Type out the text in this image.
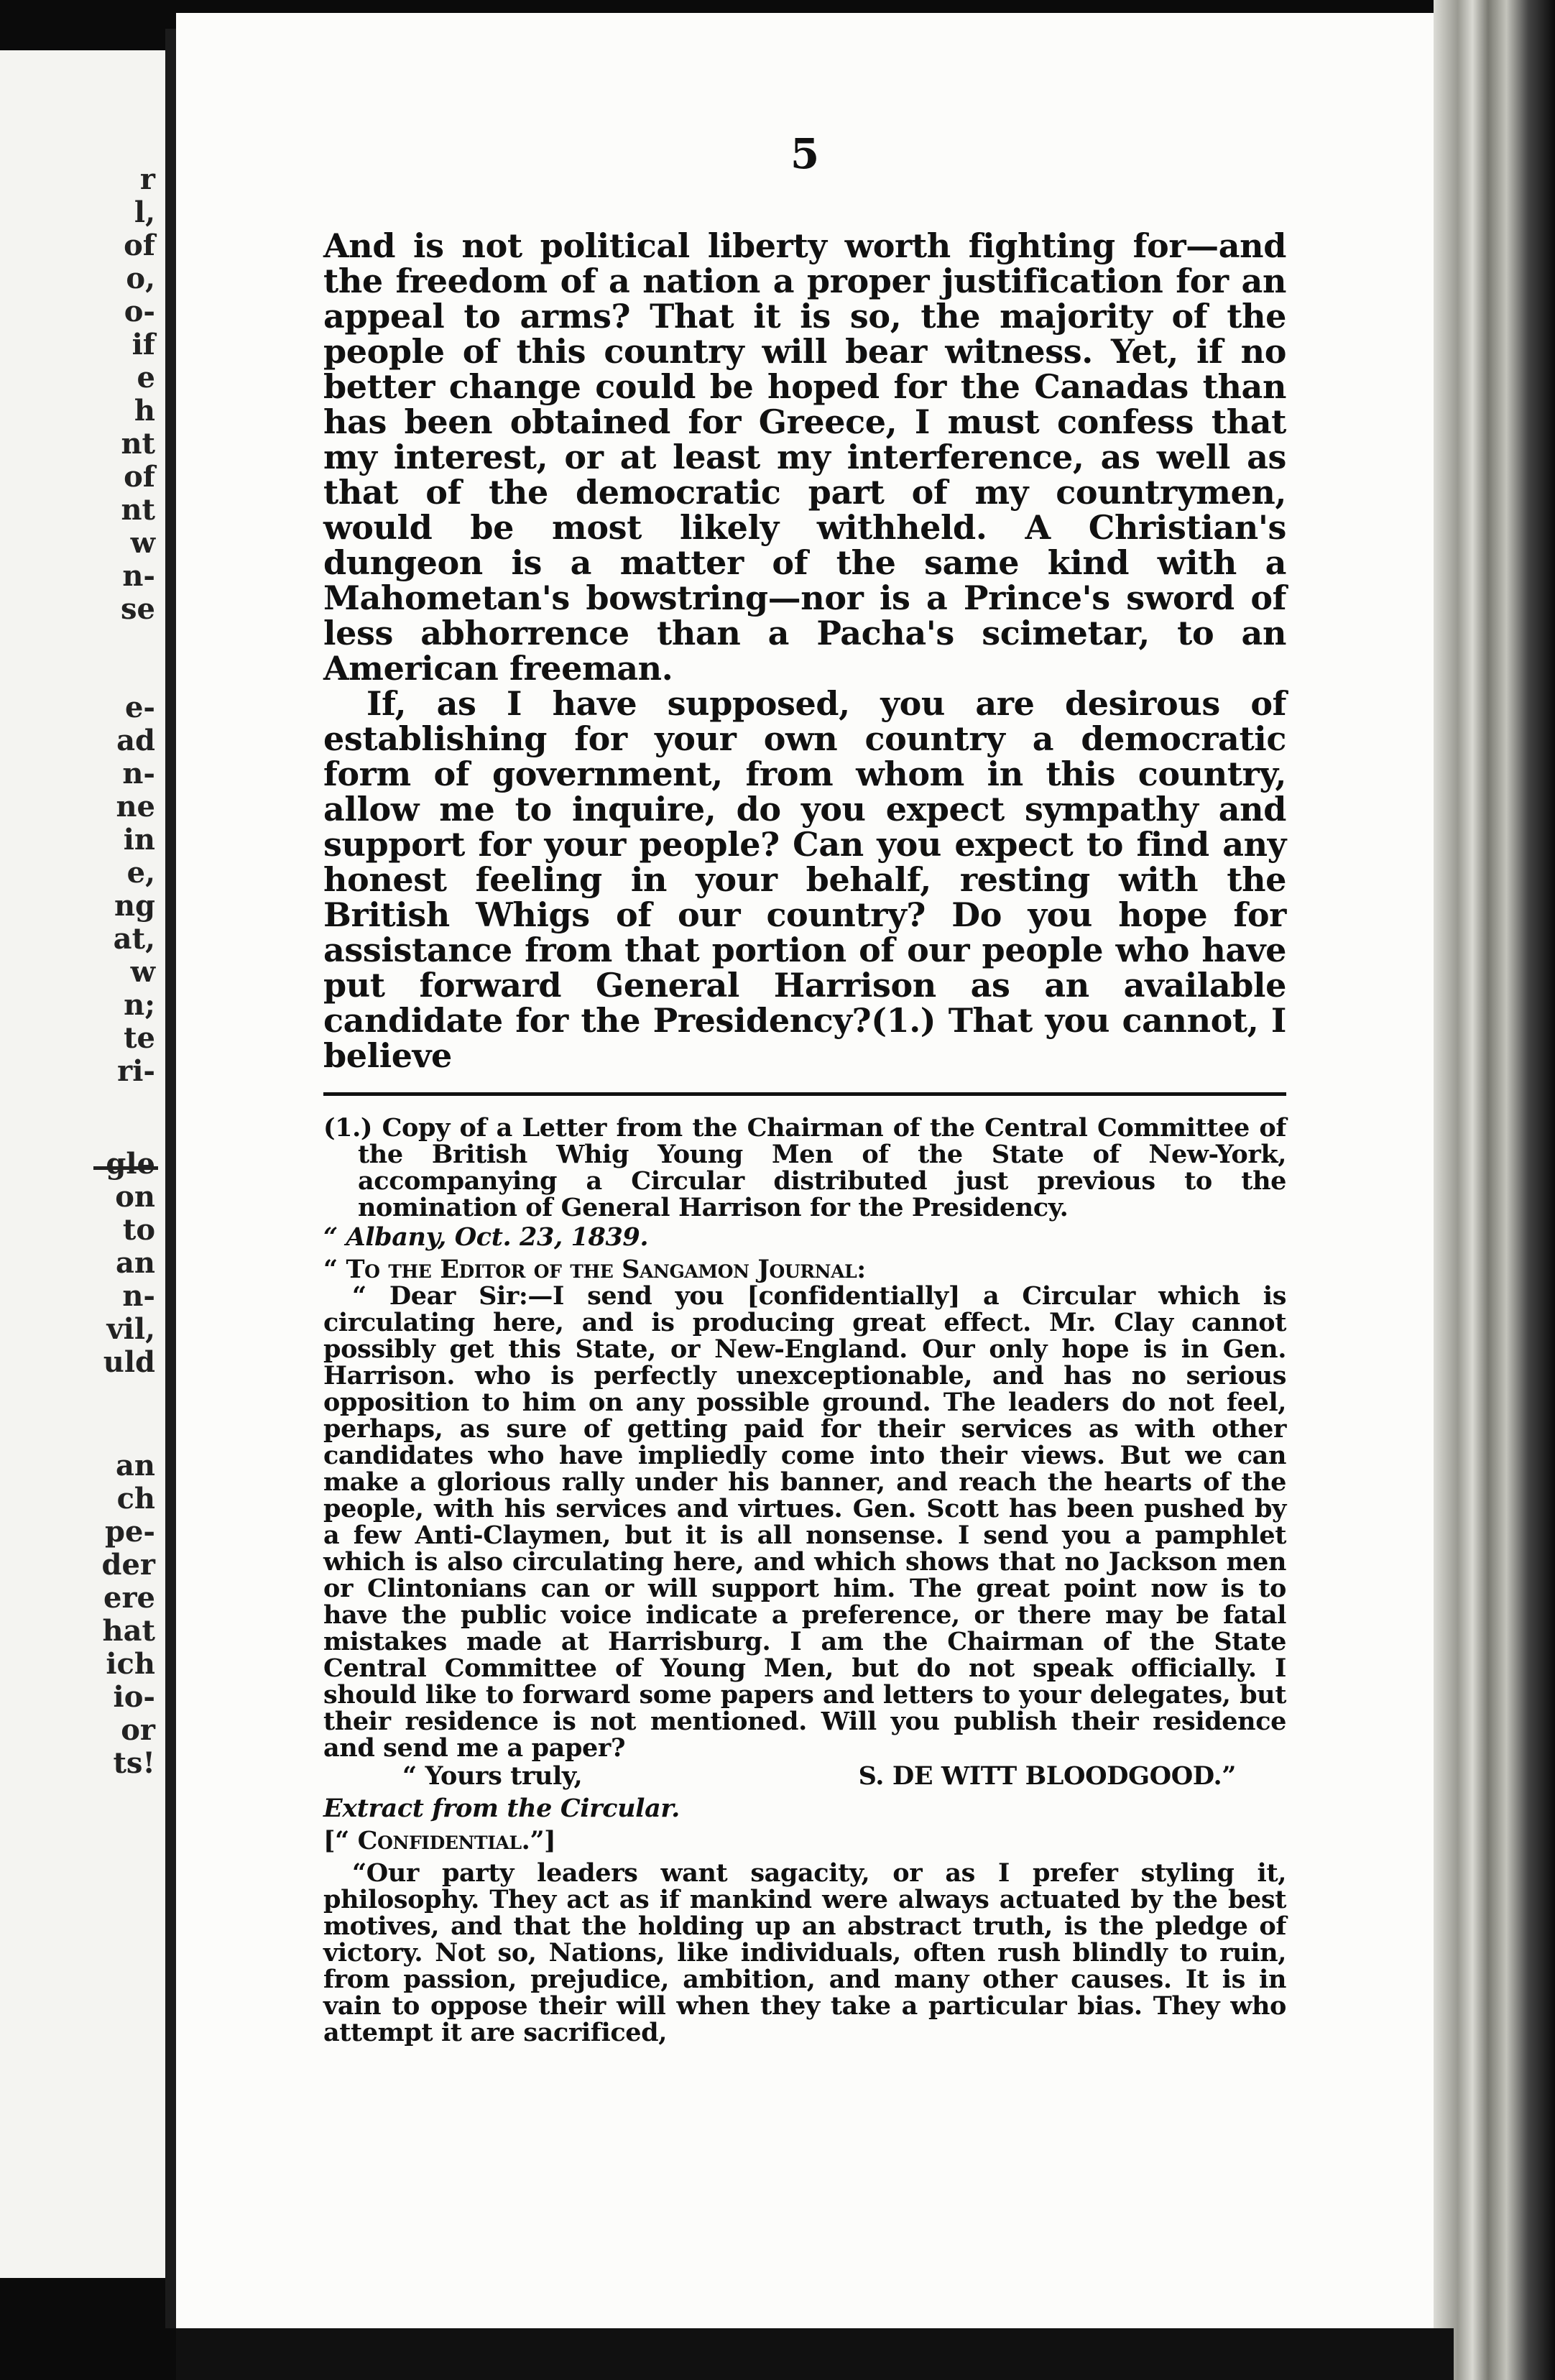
r
l,
of
o,
o-
if
e
h
nt
of
nt
w
n-
se
e-
ad
n-
ne
in
e,
ng
at,
w
n;
te
ri-
gle
on
to
an
n-
vil,
uld
an
ch
pe-
der
ere
hat
ich
io-
or
ts!
5

And is not political liberty worth fighting for—and the freedom of a nation a proper justification for an appeal to arms? That it is so, the majority of the people of this country will bear witness. Yet, if no better change could be hoped for the Canadas than has been obtained for Greece, I must confess that my interest, or at least my interference, as well as that of the democratic part of my countrymen, would be most likely withheld. A Christian's dungeon is a matter of the same kind with a Mahometan's bowstring—nor is a Prince's sword of less abhorrence than a Pacha's scimetar, to an American freeman.

If, as I have supposed, you are desirous of establishing for your own country a democratic form of government, from whom in this country, allow me to inquire, do you expect sympathy and support for your people? Can you expect to find any honest feeling in your behalf, resting with the British Whigs of our country? Do you hope for assistance from that portion of our people who have put forward General Harrison as an available candidate for the Presidency?(1.) That you cannot, I believe

(1.) Copy of a Letter from the Chairman of the Central Committee of the British Whig Young Men of the State of New-York, accompanying a Circular distributed just previous to the nomination of General Harrison for the Presidency.

“ Albany, Oct. 23, 1839.

“ To the Editor of the Sangamon Journal:

“ Dear Sir:—I send you [confidentially] a Circular which is circulating here, and is producing great effect. Mr. Clay cannot possibly get this State, or New-England. Our only hope is in Gen. Harrison. who is perfectly unexceptionable, and has no serious opposition to him on any possible ground. The leaders do not feel, perhaps, as sure of getting paid for their services as with other candidates who have impliedly come into their views. But we can make a glorious rally under his banner, and reach the hearts of the people, with his services and virtues. Gen. Scott has been pushed by a few Anti-Claymen, but it is all nonsense. I send you a pamphlet which is also circulating here, and which shows that no Jackson men or Clintonians can or will support him. The great point now is to have the public voice indicate a preference, or there may be fatal mistakes made at Harrisburg. I am the Chairman of the State Central Committee of Young Men, but do not speak officially. I should like to forward some papers and letters to your delegates, but their residence is not mentioned. Will you publish their residence and send me a paper?

“ Yours truly,	S. DE WITT BLOODGOOD.”

Extract from the Circular.

[“ Confidential.”]

“Our party leaders want sagacity, or as I prefer styling it, philosophy. They act as if mankind were always actuated by the best motives, and that the holding up an abstract truth, is the pledge of victory. Not so, Nations, like individuals, often rush blindly to ruin, from passion, prejudice, ambition, and many other causes. It is in vain to oppose their will when they take a particular bias. They who attempt it are sacrificed,
